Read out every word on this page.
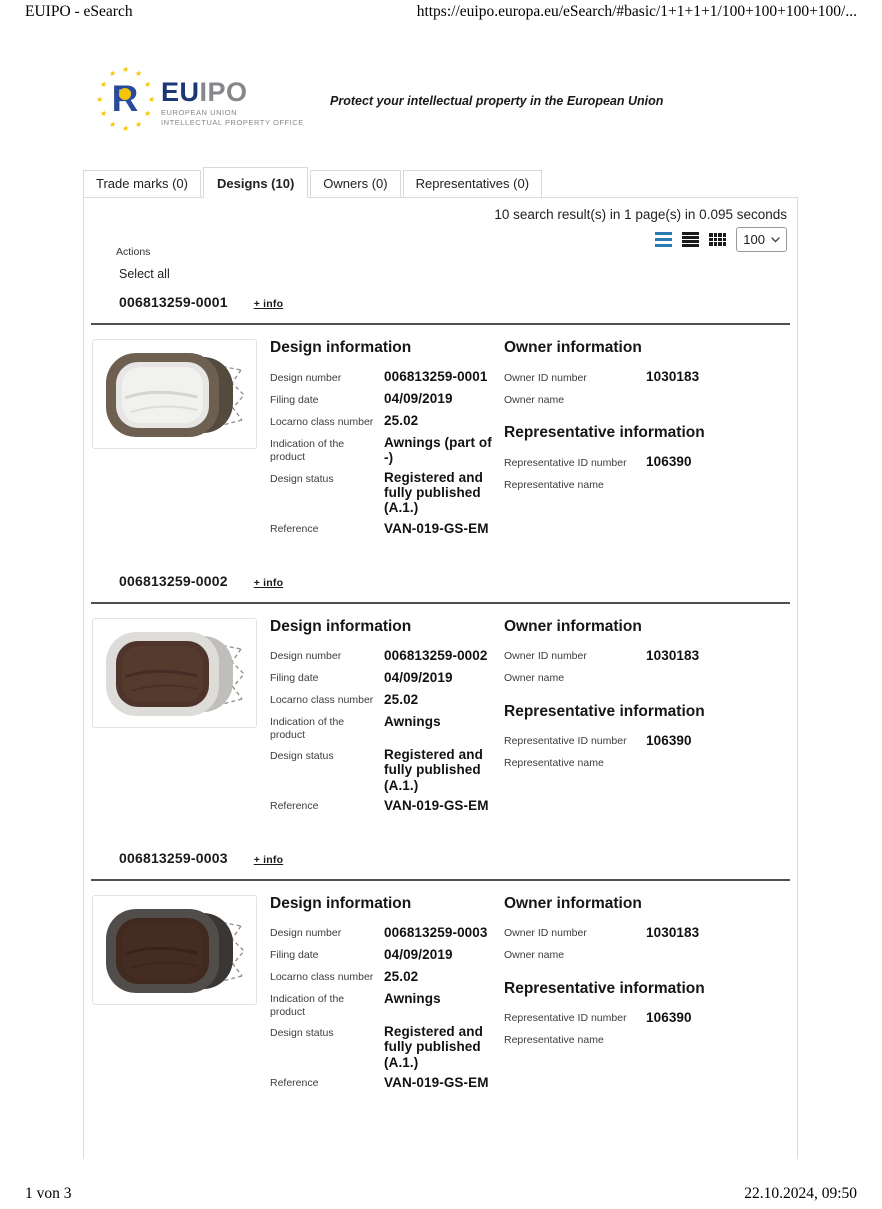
EUIPO - eSearch	https://euipo.europa.eu/eSearch/#basic/1+1+1+1/100+100+100+100/...
R
EUIPO
EUROPEAN UNION
INTELLECTUAL PROPERTY OFFICE
Protect your intellectual property in the European Union
Trade marks (0)	Designs (10)	Owners (0)	Representatives (0)
10 search result(s) in 1 page(s) in 0.095 seconds
100
Actions
Select all
006813259-0001 + info
Design information
Design number	006813259-0001
Filing date	04/09/2019
Locarno class number 25.02
Indication of the product
Awnings (part of -)
Design status	Registered and fully published (A.1.)
Reference	VAN-019-GS-EM
Owner information
Owner ID number	1030183
Owner name
Representative information
Representative ID number	106390
Representative name
006813259-0002 + info
Design information
Design number	006813259-0002
Filing date	04/09/2019
Locarno class number 25.02
Indication of the product
Awnings
Design status	Registered and fully published (A.1.)
Reference	VAN-019-GS-EM
Owner information
Owner ID number	1030183
Owner name
Representative information
Representative ID number	106390
Representative name
006813259-0003 + info
Design information
Design number	006813259-0003
Filing date	04/09/2019
Locarno class number 25.02
Indication of the product
Awnings
Design status	Registered and fully published (A.1.)
Reference	VAN-019-GS-EM
Owner information
Owner ID number	1030183
Owner name
Representative information
Representative ID number	106390
Representative name
1 von 3	22.10.2024, 09:50
